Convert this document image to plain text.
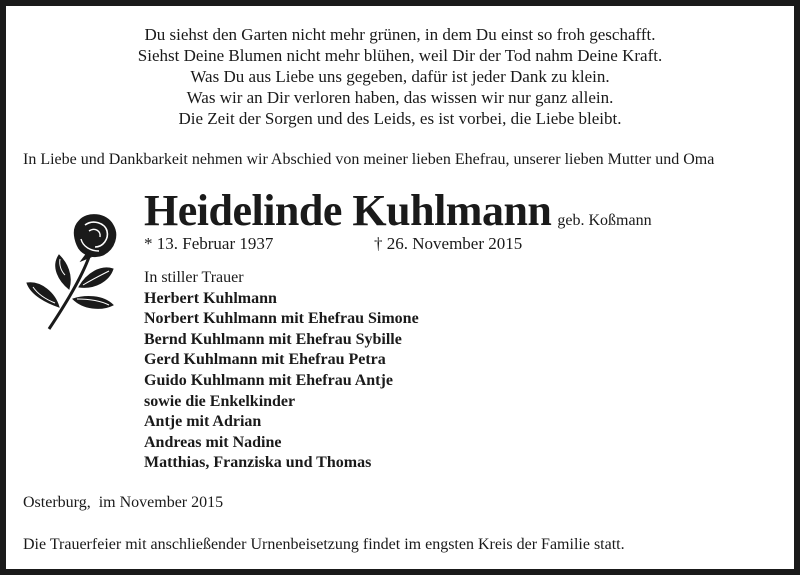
Du siehst den Garten nicht mehr grünen, in dem Du einst so froh geschafft.
Siehst Deine Blumen nicht mehr blühen, weil Dir der Tod nahm Deine Kraft.
Was Du aus Liebe uns gegeben, dafür ist jeder Dank zu klein.
Was wir an Dir verloren haben, das wissen wir nur ganz allein.
Die Zeit der Sorgen und des Leids, es ist vorbei, die Liebe bleibt.
In Liebe und Dankbarkeit nehmen wir Abschied von meiner lieben Ehefrau, unserer lieben Mutter und Oma
Heidelinde Kuhlmann geb. Koßmann
* 13. Februar 1937	† 26. November 2015
In stiller Trauer
Herbert Kuhlmann
Norbert Kuhlmann mit Ehefrau Simone
Bernd Kuhlmann mit Ehefrau Sybille
Gerd Kuhlmann mit Ehefrau Petra
Guido Kuhlmann mit Ehefrau Antje
sowie die Enkelkinder
Antje mit Adrian
Andreas mit Nadine
Matthias, Franziska und Thomas
Osterburg,  im November 2015
Die Trauerfeier mit anschließender Urnenbeisetzung findet im engsten Kreis der Familie statt.
